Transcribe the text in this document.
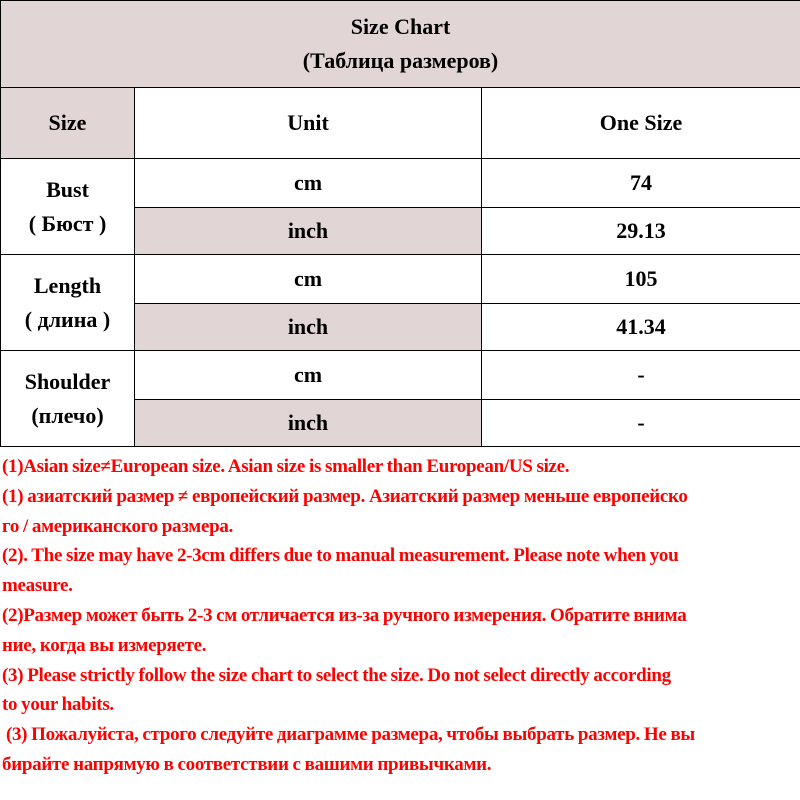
Size Chart
(Таблица размеров)		

Size	Unit	One Size

Bust
( Бюст )	cm	74
	inch	29.13

Length
( длина )	cm	105
	inch	41.34

Shoulder
(плечо)	cm	-
	inch	-
(1)Asian size≠European size. Asian size is smaller than European/US size.
(1) азиатский размер ≠ европейский размер. Азиатский размер меньше европейско
го / американского размера.
(2). The size may have 2-3cm differs due to manual measurement. Please note when you
measure.
(2)Размер может быть 2-3 см отличается из-за ручного измерения. Обратите внима
ние, когда вы измеряете.
(3) Please strictly follow the size chart to select the size. Do not select directly according
to your habits.
(3) Пожалуйста, строго следуйте диаграмме размера, чтобы выбрать размер. Не вы
бирайте напрямую в соответствии с вашими привычками.
